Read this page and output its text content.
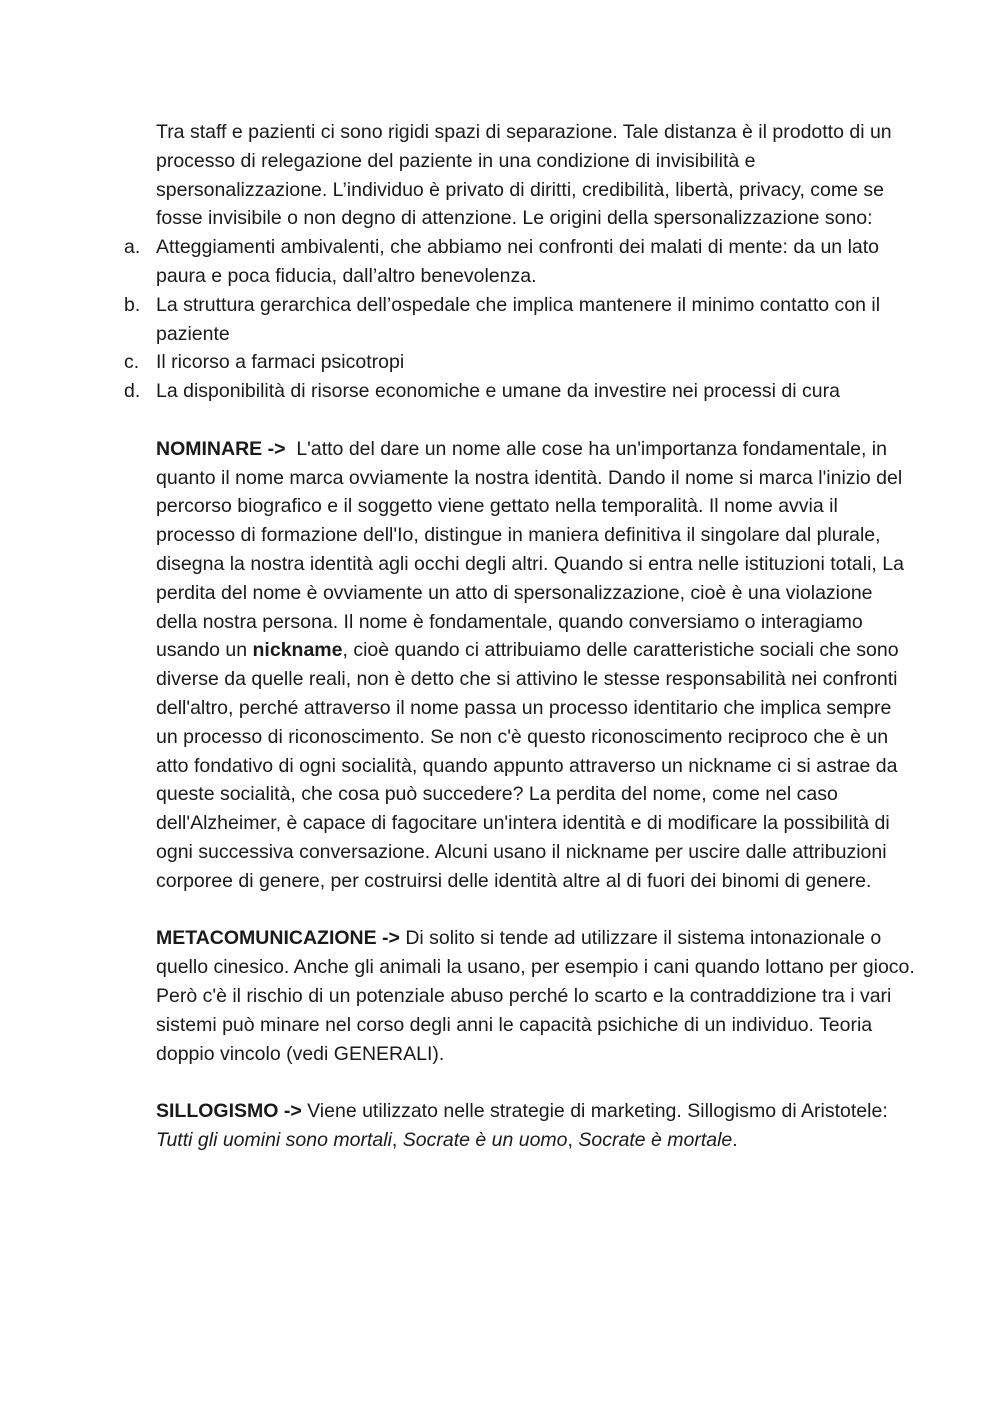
Tra staff e pazienti ci sono rigidi spazi di separazione. Tale distanza è il prodotto di un processo di relegazione del paziente in una condizione di invisibilità e spersonalizzazione. L’individuo è privato di diritti, credibilità, libertà, privacy, come se fosse invisibile o non degno di attenzione. Le origini della spersonalizzazione sono:

a. Atteggiamenti ambivalenti, che abbiamo nei confronti dei malati di mente: da un lato paura e poca fiducia, dall’altro benevolenza.
b. La struttura gerarchica dell’ospedale che implica mantenere il minimo contatto con il paziente
c. Il ricorso a farmaci psicotropi
d. La disponibilità di risorse economiche e umane da investire nei processi di cura

NOMINARE -> L'atto del dare un nome alle cose ha un'importanza fondamentale, in quanto il nome marca ovviamente la nostra identità. Dando il nome si marca l'inizio del percorso biografico e il soggetto viene gettato nella temporalità. Il nome avvia il processo di formazione dell'Io, distingue in maniera definitiva il singolare dal plurale, disegna la nostra identità agli occhi degli altri. Quando si entra nelle istituzioni totali, La perdita del nome è ovviamente un atto di spersonalizzazione, cioè è una violazione della nostra persona. Il nome è fondamentale, quando conversiamo o interagiamo usando un nickname, cioè quando ci attribuiamo delle caratteristiche sociali che sono diverse da quelle reali, non è detto che si attivino le stesse responsabilità nei confronti dell'altro, perché attraverso il nome passa un processo identitario che implica sempre un processo di riconoscimento. Se non c'è questo riconoscimento reciproco che è un atto fondativo di ogni socialità, quando appunto attraverso un nickname ci si astrae da queste socialità, che cosa può succedere? La perdita del nome, come nel caso dell'Alzheimer, è capace di fagocitare un'intera identità e di modificare la possibilità di ogni successiva conversazione. Alcuni usano il nickname per uscire dalle attribuzioni corporee di genere, per costruirsi delle identità altre al di fuori dei binomi di genere.

METACOMUNICAZIONE -> Di solito si tende ad utilizzare il sistema intonazionale o quello cinesico. Anche gli animali la usano, per esempio i cani quando lottano per gioco. Però c'è il rischio di un potenziale abuso perché lo scarto e la contraddizione tra i vari sistemi può minare nel corso degli anni le capacità psichiche di un individuo. Teoria doppio vincolo (vedi GENERALI).

SILLOGISMO -> Viene utilizzato nelle strategie di marketing. Sillogismo di Aristotele: Tutti gli uomini sono mortali, Socrate è un uomo, Socrate è mortale.
